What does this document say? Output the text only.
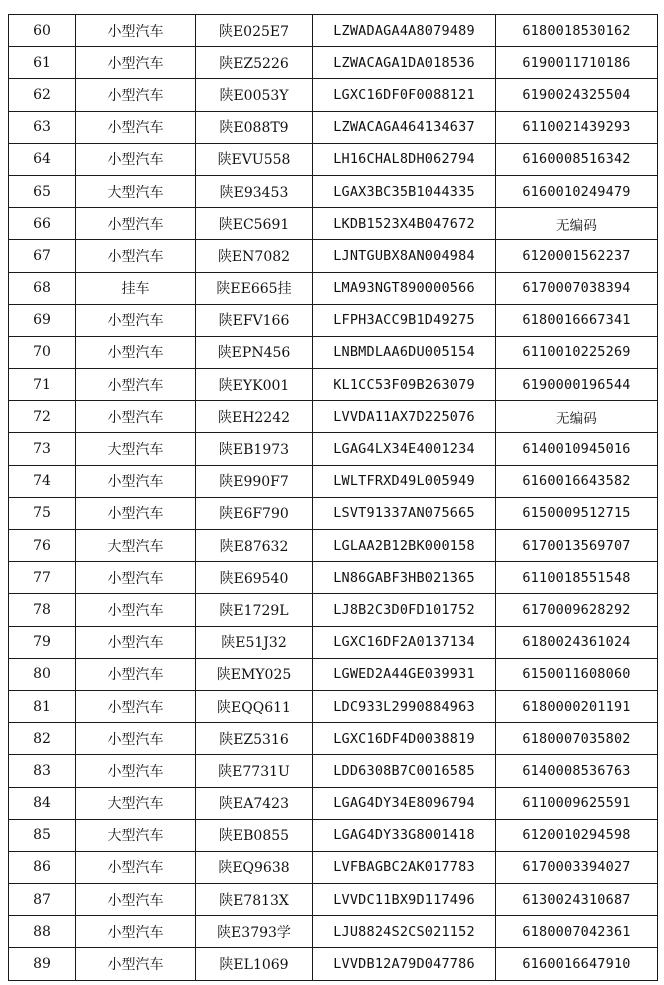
60	小型汽车	陕E025E7	LZWADAGA4A8079489	6180018530162
61	小型汽车	陕EZ5226	LZWACAGA1DA018536	6190011710186
62	小型汽车	陕E0053Y	LGXC16DF0F0088121	6190024325504
63	小型汽车	陕E088T9	LZWACAGA464134637	6110021439293
64	小型汽车	陕EVU558	LH16CHAL8DH062794	6160008516342
65	大型汽车	陕E93453	LGAX3BC35B1044335	6160010249479
66	小型汽车	陕EC5691	LKDB1523X4B047672	无编码
67	小型汽车	陕EN7082	LJNTGUBX8AN004984	6120001562237
68	挂车	陕EE665挂	LMA93NGT890000566	6170007038394
69	小型汽车	陕EFV166	LFPH3ACC9B1D49275	6180016667341
70	小型汽车	陕EPN456	LNBMDLAA6DU005154	6110010225269
71	小型汽车	陕EYK001	KL1CC53F09B263079	6190000196544
72	小型汽车	陕EH2242	LVVDA11AX7D225076	无编码
73	大型汽车	陕EB1973	LGAG4LX34E4001234	6140010945016
74	小型汽车	陕E990F7	LWLTFRXD49L005949	6160016643582
75	小型汽车	陕E6F790	LSVT91337AN075665	6150009512715
76	大型汽车	陕E87632	LGLAA2B12BK000158	6170013569707
77	小型汽车	陕E69540	LN86GABF3HB021365	6110018551548
78	小型汽车	陕E1729L	LJ8B2C3D0FD101752	6170009628292
79	小型汽车	陕E51J32	LGXC16DF2A0137134	6180024361024
80	小型汽车	陕EMY025	LGWED2A44GE039931	6150011608060
81	小型汽车	陕EQQ611	LDC933L2990884963	6180000201191
82	小型汽车	陕EZ5316	LGXC16DF4D0038819	6180007035802
83	小型汽车	陕E7731U	LDD6308B7C0016585	6140008536763
84	大型汽车	陕EA7423	LGAG4DY34E8096794	6110009625591
85	大型汽车	陕EB0855	LGAG4DY33G8001418	6120010294598
86	小型汽车	陕EQ9638	LVFBAGBC2AK017783	6170003394027
87	小型汽车	陕E7813X	LVVDC11BX9D117496	6130024310687
88	小型汽车	陕E3793学	LJU8824S2CS021152	6180007042361
89	小型汽车	陕EL1069	LVVDB12A79D047786	6160016647910
